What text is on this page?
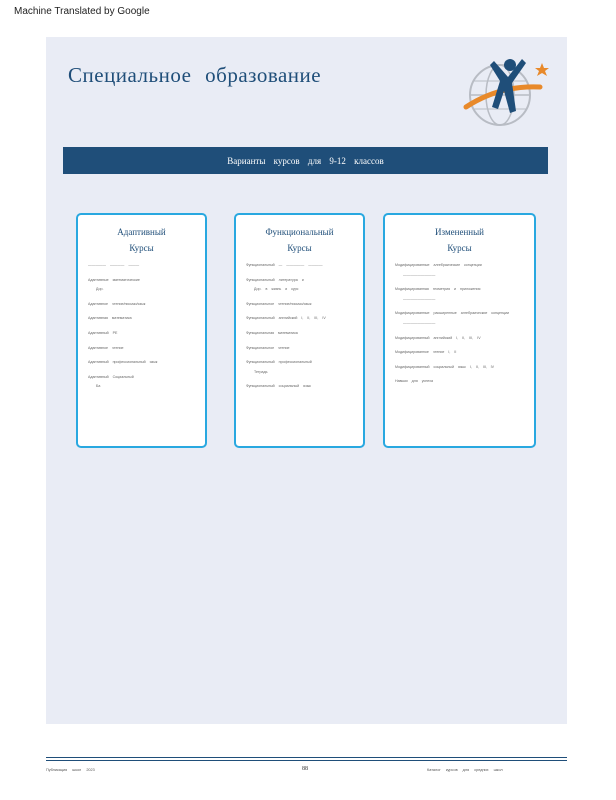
Machine Translated by Google
Специальное образование
Варианты курсов для 9-12 классов
Адаптивный
Курсы
————— ———— ———
Адаптивные математические
Дор.
Адаптивное чтение/письмо/язык
Адаптивная математика
Адаптивный PE
Адаптивное чтение
Адаптивный профессиональный язык
Адаптивный Социальный
Ба
Функциональный
Курсы
Функциональный — ————— ————
Функциональный литература и
Дор. в жизнь и курс
Функциональное чтение/письмо/язык
Функциональный английский I, II, III, IV
Функциональная математика
Функциональное чтение
Функциональный профессиональный
Тетрадь
Функциональный социальный язык
Измененный
Курсы
Модифицированные алгебраические концепции
—————————
Модифицированная геометрия и приложения
—————————
Модифицированные расширенные алгебраические концепции
—————————
Модифицированный английский I, II, III, IV
Модифицированное чтение I, II
Модифицированный социальный язык I, II, III, IV
Навыки для успеха
Публикация школ 2023	88	Каталог курсов для средних школ
